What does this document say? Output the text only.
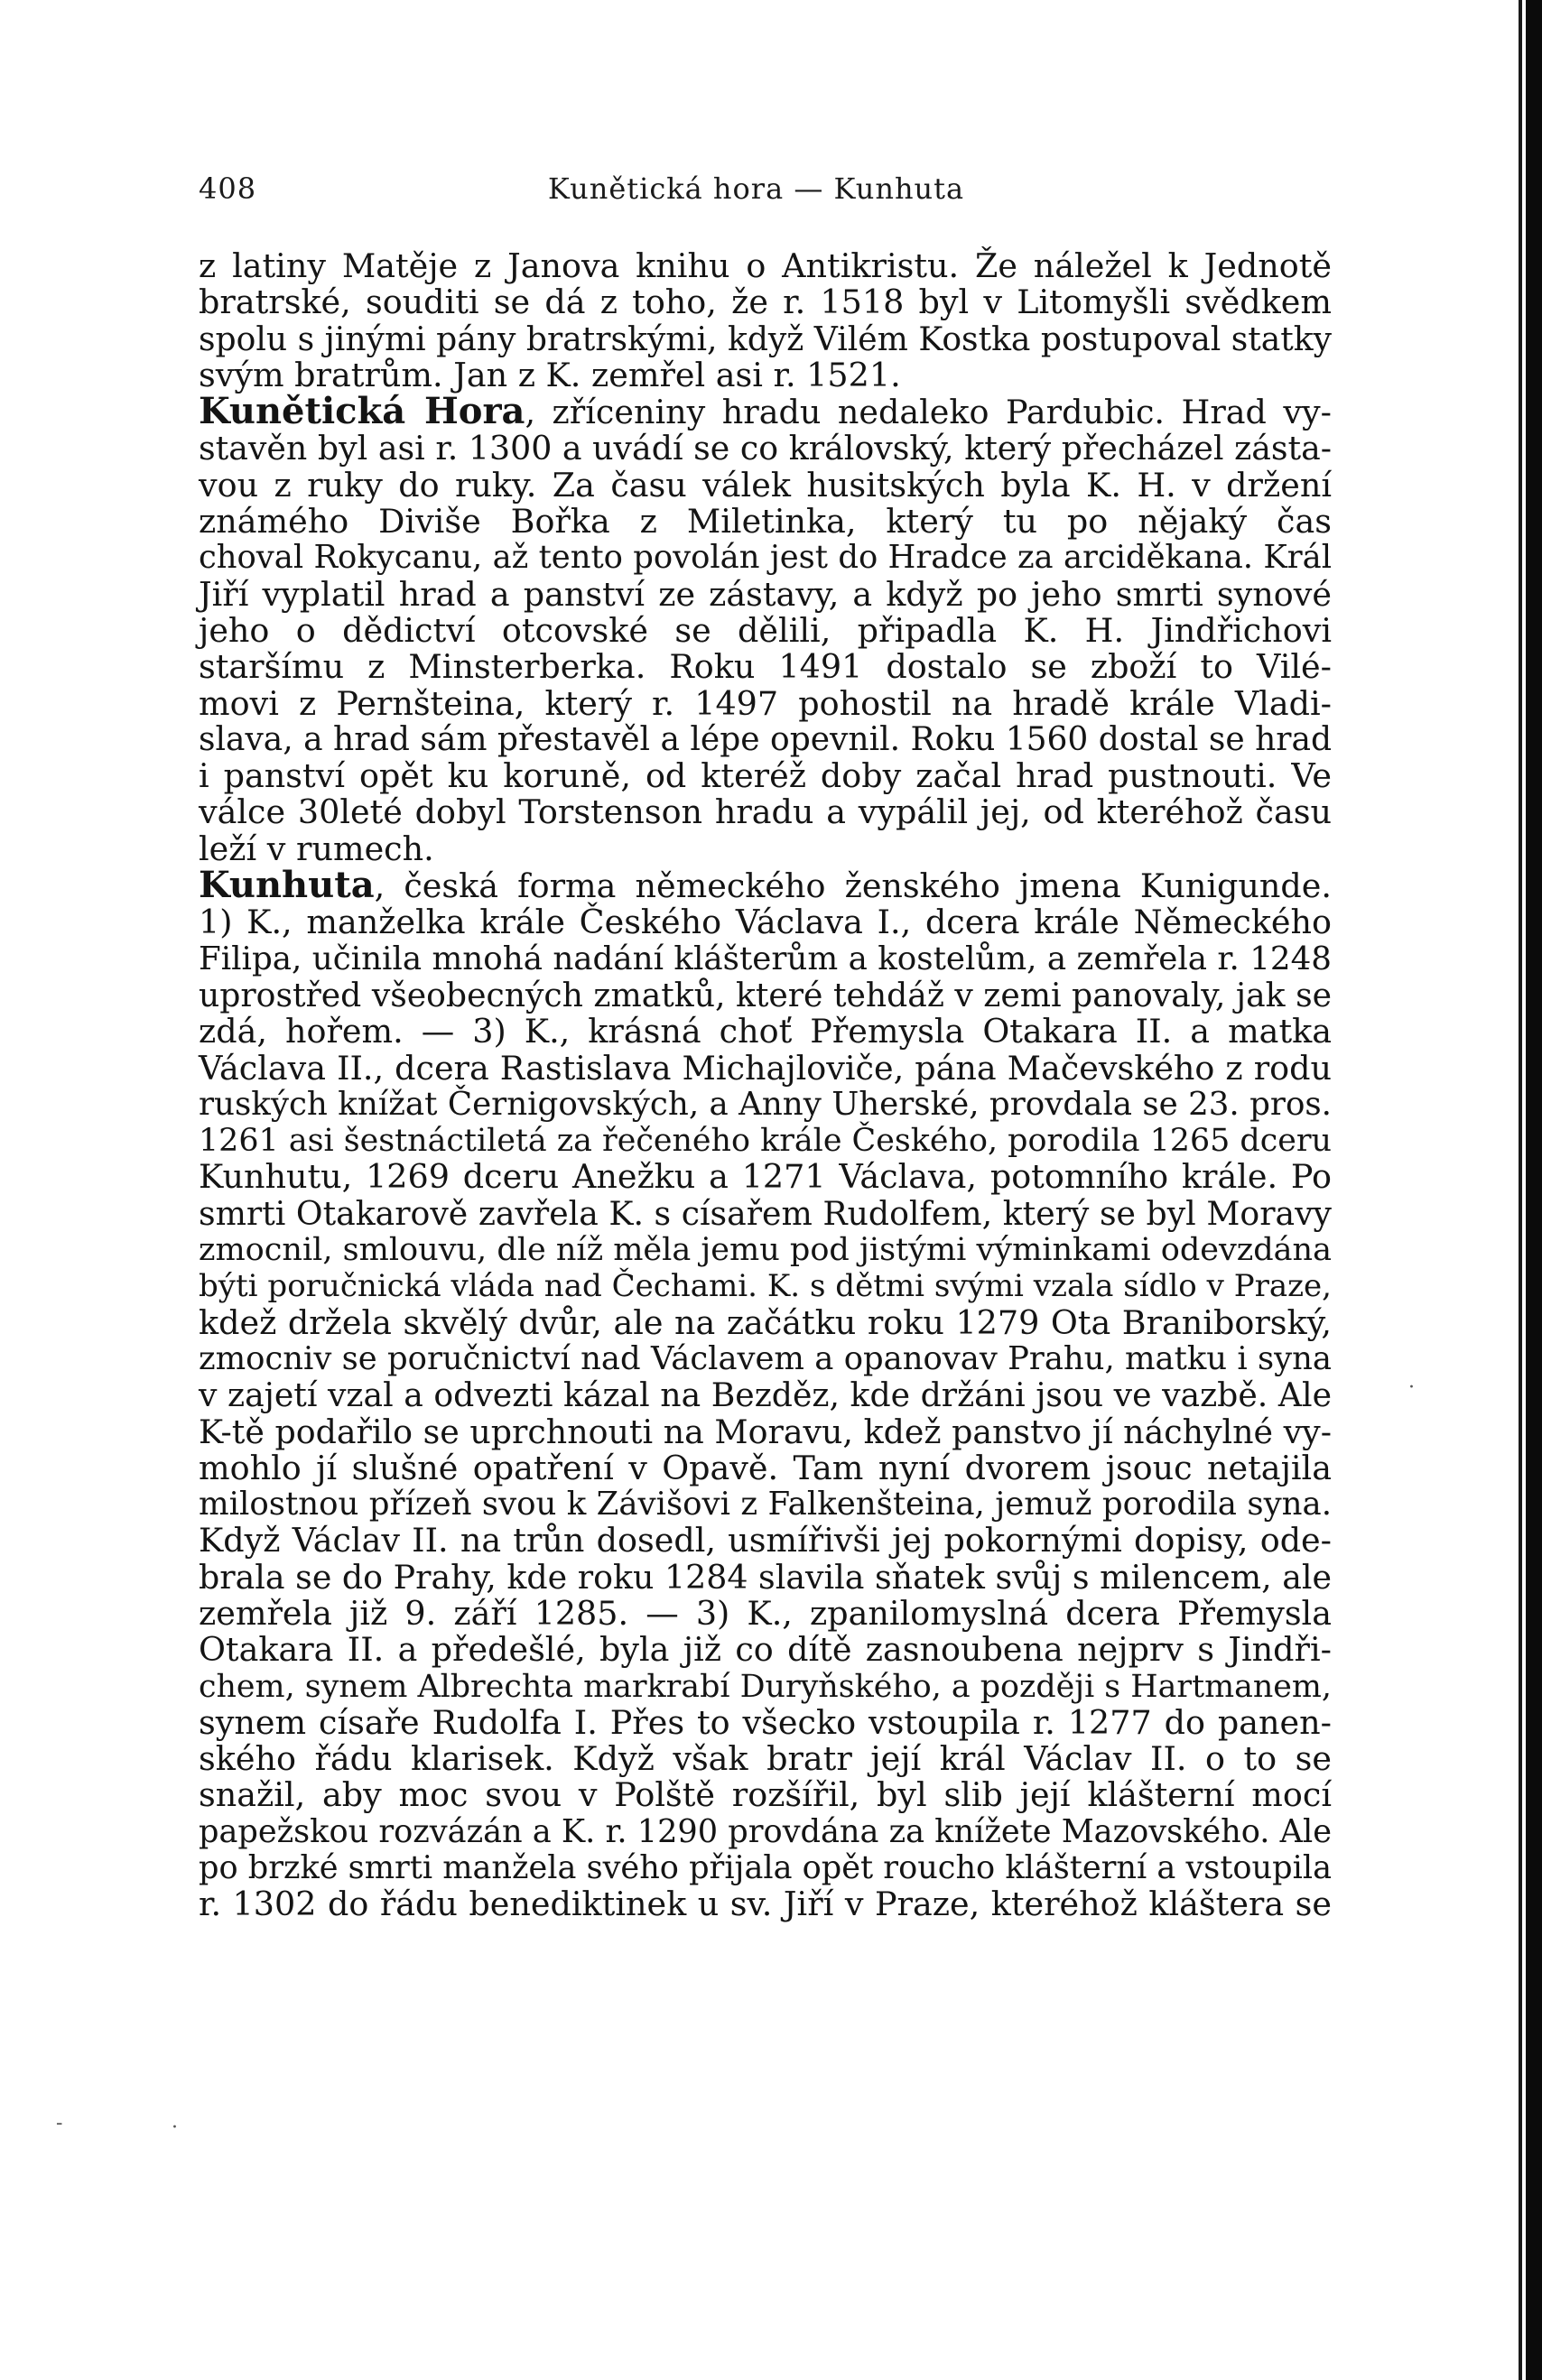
408	Kunětická hora — Kunhuta

z latiny Matěje z Janova knihu o Antikristu. Že náležel k Jednotě
bratrské, souditi se dá z toho, že r. 1518 byl v Litomyšli svědkem
spolu s jinými pány bratrskými, když Vilém Kostka postupoval statky
svým bratrům. Jan z K. zemřel asi r. 1521.

Kunětická Hora, zříceniny hradu nedaleko Pardubic. Hrad vy-
stavěn byl asi r. 1300 a uvádí se co královský, který přecházel zásta-
vou z ruky do ruky. Za času válek husitských byla K. H. v držení
známého Diviše Bořka z Miletinka, který tu po nějaký čas
choval Rokycanu, až tento povolán jest do Hradce za arciděkana. Král
Jiří vyplatil hrad a panství ze zástavy, a když po jeho smrti synové
jeho o dědictví otcovské se dělili, připadla K. H. Jindřichovi
staršímu z Minsterberka. Roku 1491 dostalo se zboží to Vilé-
movi z Pernšteina, který r. 1497 pohostil na hradě krále Vladi-
slava, a hrad sám přestavěl a lépe opevnil. Roku 1560 dostal se hrad
i panství opět ku koruně, od kteréž doby začal hrad pustnouti. Ve
válce 30leté dobyl Torstenson hradu a vypálil jej, od kteréhož času
leží v rumech.

Kunhuta, česká forma německého ženského jmena Kunigunde.
1) K., manželka krále Českého Václava I., dcera krále Německého
Filipa, učinila mnohá nadání klášterům a kostelům, a zemřela r. 1248
uprostřed všeobecných zmatků, které tehdáž v zemi panovaly, jak se
zdá, hořem. — 3) K., krásná choť Přemysla Otakara II. a matka
Václava II., dcera Rastislava Michajloviče, pána Mačevského z rodu
ruských knížat Černigovských, a Anny Uherské, provdala se 23. pros.
1261 asi šestnáctiletá za řečeného krále Českého, porodila 1265 dceru
Kunhutu, 1269 dceru Anežku a 1271 Václava, potomního krále. Po
smrti Otakarově zavřela K. s císařem Rudolfem, který se byl Moravy
zmocnil, smlouvu, dle níž měla jemu pod jistými výminkami odevzdána
býti poručnická vláda nad Čechami. K. s dětmi svými vzala sídlo v Praze,
kdež držela skvělý dvůr, ale na začátku roku 1279 Ota Braniborský,
zmocniv se poručnictví nad Václavem a opanovav Prahu, matku i syna
v zajetí vzal a odvezti kázal na Bezděz, kde držáni jsou ve vazbě. Ale
K-tě podařilo se uprchnouti na Moravu, kdež panstvo jí náchylné vy-
mohlo jí slušné opatření v Opavě. Tam nyní dvorem jsouc netajila
milostnou přízeň svou k Závišovi z Falkenšteina, jemuž porodila syna.
Když Václav II. na trůn dosedl, usmířivši jej pokornými dopisy, ode-
brala se do Prahy, kde roku 1284 slavila sňatek svůj s milencem, ale
zemřela již 9. září 1285. — 3) K., zpanilomyslná dcera Přemysla
Otakara II. a předešlé, byla již co dítě zasnoubena nejprv s Jindři-
chem, synem Albrechta markrabí Duryňského, a později s Hartmanem,
synem císaře Rudolfa I. Přes to všecko vstoupila r. 1277 do panen-
ského řádu klarisek. Když však bratr její král Václav II. o to se
snažil, aby moc svou v Polště rozšířil, byl slib její klášterní mocí
papežskou rozvázán a K. r. 1290 provdána za knížete Mazovského. Ale
po brzké smrti manžela svého přijala opět roucho klášterní a vstoupila
r. 1302 do řádu benediktinek u sv. Jiří v Praze, kteréhož kláštera se

-	·
·
